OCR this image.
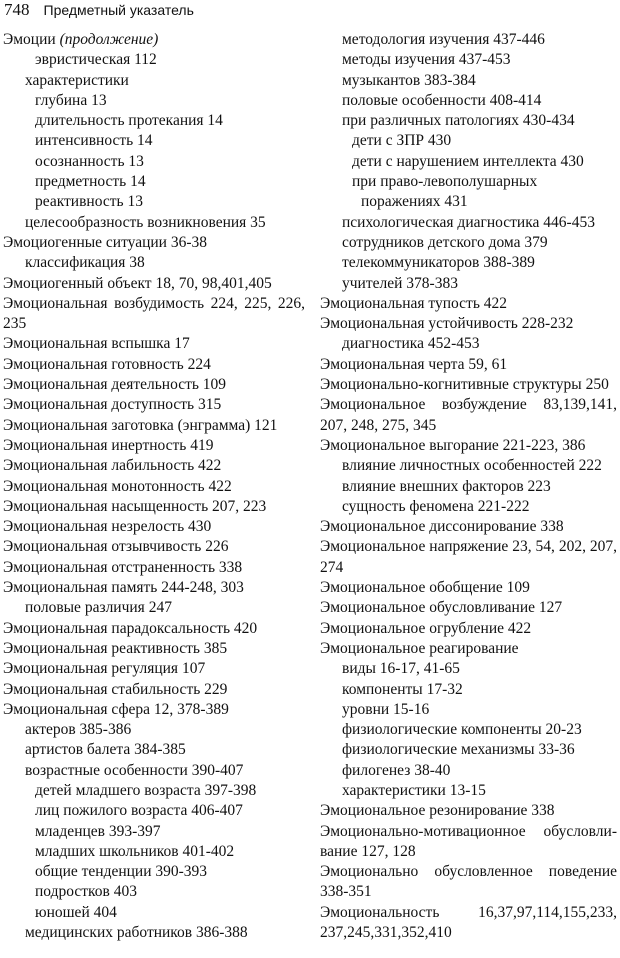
748 Предметный указатель
Эмоции (продолжение)
эвристическая 112
характеристики
глубина 13
длительность протекания 14
интенсивность 14
осознанность 13
предметность 14
реактивность 13
целесообразность возникновения 35
Эмоциогенные ситуации 36-38
классификация 38
Эмоциогенный объект 18, 70, 98,401,405
Эмоциональная возбудимость 224, 225, 226, 235
Эмоциональная вспышка 17
Эмоциональная готовность 224
Эмоциональная деятельность 109
Эмоциональная доступность 315
Эмоциональная заготовка (энграмма) 121
Эмоциональная инертность 419
Эмоциональная лабильность 422
Эмоциональная монотонность 422
Эмоциональная насыщенность 207, 223
Эмоциональная незрелость 430
Эмоциональная отзывчивость 226
Эмоциональная отстраненность 338
Эмоциональная память 244-248, 303
половые различия 247
Эмоциональная парадоксальность 420
Эмоциональная реактивность 385
Эмоциональная регуляция 107
Эмоциональная стабильность 229
Эмоциональная сфера 12, 378-389
актеров 385-386
артистов балета 384-385
возрастные особенности 390-407
детей младшего возраста 397-398
лиц пожилого возраста 406-407
младенцев 393-397
младших школьников 401-402
общие тенденции 390-393
подростков 403
юношей 404
медицинских работников 386-388
методология изучения 437-446
методы изучения 437-453
музыкантов 383-384
половые особенности 408-414
при различных патологиях 430-434
дети с ЗПР 430
дети с нарушением интеллекта 430
при право-левополушарных
поражениях 431
психологическая диагностика 446-453
сотрудников детского дома 379
телекоммуникаторов 388-389
учителей 378-383
Эмоциональная тупость 422
Эмоциональная устойчивость 228-232
диагностика 452-453
Эмоциональная черта 59, 61
Эмоционально-когнитивные структуры 250
Эмоциональное возбуждение 83,139,141, 207, 248, 275, 345
Эмоциональное выгорание 221-223, 386
влияние личностных особенностей 222
влияние внешних факторов 223
сущность феномена 221-222
Эмоциональное диссонирование 338
Эмоциональное напряжение 23, 54, 202, 207, 274
Эмоциональное обобщение 109
Эмоциональное обусловливание 127
Эмоциональное огрубление 422
Эмоциональное реагирование
виды 16-17, 41-65
компоненты 17-32
уровни 15-16
физиологические компоненты 20-23
физиологические механизмы 33-36
филогенез 38-40
характеристики 13-15
Эмоциональное резонирование 338
Эмоционально-мотивационное обусловли-вание 127, 128
Эмоционально обусловленное поведение 338-351
Эмоциональность 16,37,97,114,155,233, 237,245,331,352,410
